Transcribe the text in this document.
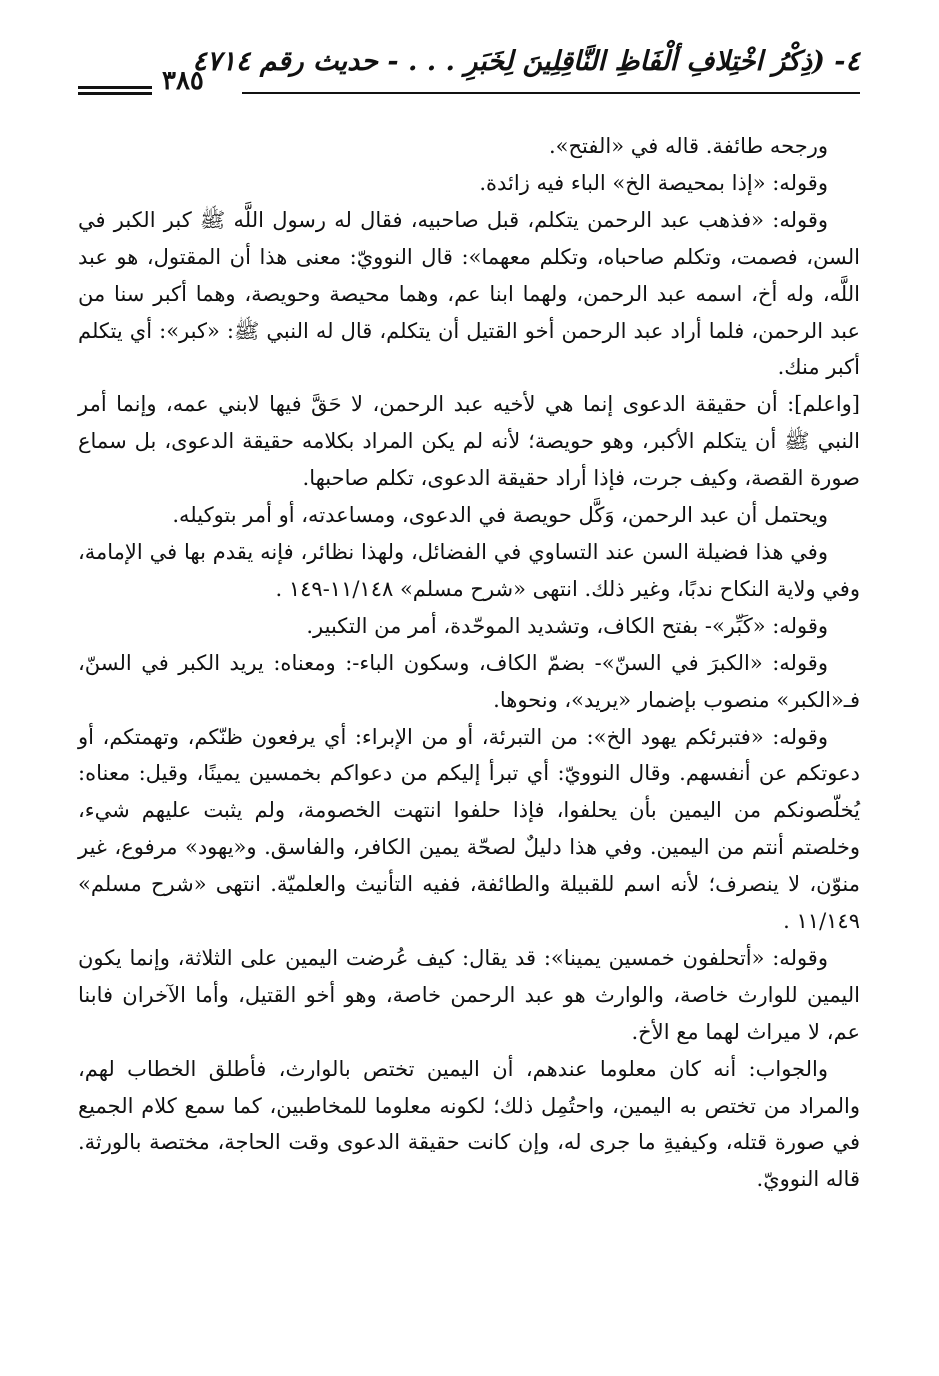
٤- (ذِكْرُ اخْتِلافِ ألْفَاظِ النَّاقِلِينَ لِخَبَرِ . . . - حديث رقم ٤٧١٤
٣٨٥

ورجحه طائفة. قاله في «الفتح».

وقوله: «إذا بمحيصة الخ» الباء فيه زائدة.

وقوله: «فذهب عبد الرحمن يتكلم، قبل صاحبيه، فقال له رسول اللَّه ﷺ كبر الكبر في السن، فصمت، وتكلم صاحباه، وتكلم معهما»: قال النوويّ: معنى هذا أن المقتول، هو عبد اللَّه، وله أخ، اسمه عبد الرحمن، ولهما ابنا عم، وهما محيصة وحويصة، وهما أكبر سنا من عبد الرحمن، فلما أراد عبد الرحمن أخو القتيل أن يتكلم، قال له النبي ﷺ: «كبر»: أي يتكلم أكبر منك.

[واعلم]: أن حقيقة الدعوى إنما هي لأخيه عبد الرحمن، لا حَقَّ فيها لابني عمه، وإنما أمر النبي ﷺ أن يتكلم الأكبر، وهو حويصة؛ لأنه لم يكن المراد بكلامه حقيقة الدعوى، بل سماع صورة القصة، وكيف جرت، فإذا أراد حقيقة الدعوى، تكلم صاحبها.

ويحتمل أن عبد الرحمن، وَكَّل حويصة في الدعوى، ومساعدته، أو أمر بتوكيله.

وفي هذا فضيلة السن عند التساوي في الفضائل، ولهذا نظائر، فإنه يقدم بها في الإمامة، وفي ولاية النكاح ندبًا، وغير ذلك. انتهى «شرح مسلم» ١١/١٤٨-١٤٩ .

وقوله: «كَبِّر»- بفتح الكاف، وتشديد الموحّدة، أمر من التكبير.

وقوله: «الكبرَ في السنّ»- بضمّ الكاف، وسكون الباء-: ومعناه: يريد الكبر في السنّ، فـ«الكبر» منصوب بإضمار «يريد»، ونحوها.

وقوله: «فتبرئكم يهود الخ»: من التبرئة، أو من الإبراء: أي يرفعون ظنّكم، وتهمتكم، أو دعوتكم عن أنفسهم. وقال النوويّ: أي تبرأ إليكم من دعواكم بخمسين يمينًا، وقيل: معناه: يُخلّصونكم من اليمين بأن يحلفوا، فإذا حلفوا انتهت الخصومة، ولم يثبت عليهم شيء، وخلصتم أنتم من اليمين. وفي هذا دليلٌ لصحّة يمين الكافر، والفاسق. و«يهود» مرفوع، غير منوّن، لا ينصرف؛ لأنه اسم للقبيلة والطائفة، ففيه التأنيث والعلميّة. انتهى «شرح مسلم» ١١/١٤٩ .

وقوله: «أتحلفون خمسين يمينا»: قد يقال: كيف عُرضت اليمين على الثلاثة، وإنما يكون اليمين للوارث خاصة، والوارث هو عبد الرحمن خاصة، وهو أخو القتيل، وأما الآخران فابنا عم، لا ميراث لهما مع الأخ.

والجواب: أنه كان معلوما عندهم، أن اليمين تختص بالوارث، فأطلق الخطاب لهم، والمراد من تختص به اليمين، واحتُمِل ذلك؛ لكونه معلوما للمخاطبين، كما سمع كلام الجميع في صورة قتله، وكيفيةِ ما جرى له، وإن كانت حقيقة الدعوى وقت الحاجة، مختصة بالورثة. قاله النوويّ.
